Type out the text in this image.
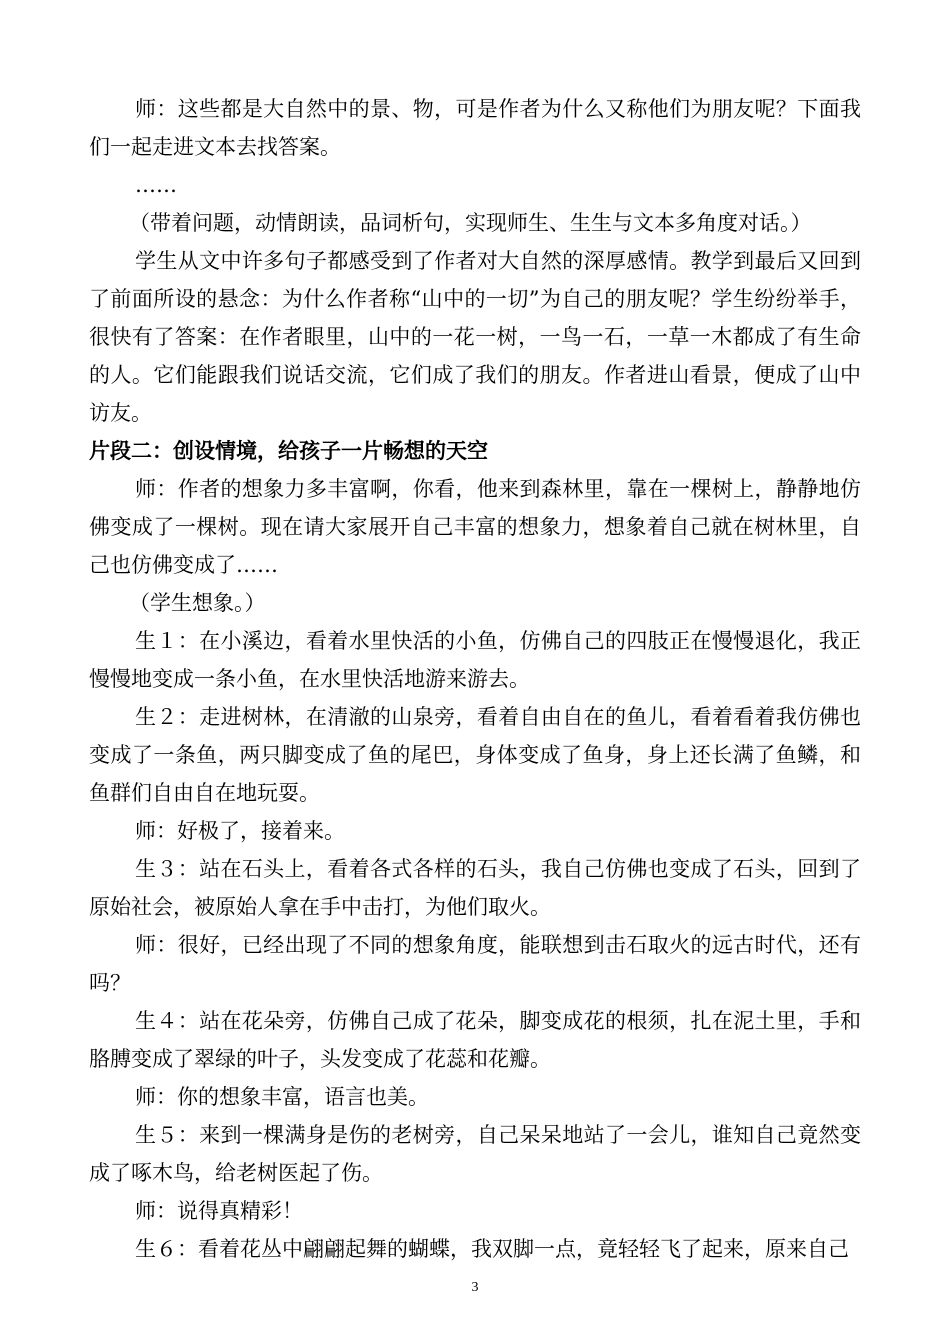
师：这些都是大自然中的景、物，可是作者为什么又称他们为朋友呢？下面我们一起走进文本去找答案。

……

（带着问题，动情朗读，品词析句，实现师生、生生与文本多角度对话。）

学生从文中许多句子都感受到了作者对大自然的深厚感情。教学到最后又回到了前面所设的悬念：为什么作者称“山中的一切”为自己的朋友呢？学生纷纷举手，很快有了答案：在作者眼里，山中的一花一树，一鸟一石，一草一木都成了有生命的人。它们能跟我们说话交流，它们成了我们的朋友。作者进山看景，便成了山中访友。

片段二：创设情境，给孩子一片畅想的天空

师：作者的想象力多丰富啊，你看，他来到森林里，靠在一棵树上，静静地仿佛变成了一棵树。现在请大家展开自己丰富的想象力，想象着自己就在树林里，自己也仿佛变成了……

（学生想象。）

生１：在小溪边，看着水里快活的小鱼，仿佛自己的四肢正在慢慢退化，我正慢慢地变成一条小鱼，在水里快活地游来游去。

生２：走进树林，在清澈的山泉旁，看着自由自在的鱼儿，看着看着我仿佛也变成了一条鱼，两只脚变成了鱼的尾巴，身体变成了鱼身，身上还长满了鱼鳞，和鱼群们自由自在地玩耍。

师：好极了，接着来。

生３：站在石头上，看着各式各样的石头，我自己仿佛也变成了石头，回到了原始社会，被原始人拿在手中击打，为他们取火。

师：很好，已经出现了不同的想象角度，能联想到击石取火的远古时代，还有吗？

生４：站在花朵旁，仿佛自己成了花朵，脚变成花的根须，扎在泥土里，手和胳膊变成了翠绿的叶子，头发变成了花蕊和花瓣。

师：你的想象丰富，语言也美。

生５：来到一棵满身是伤的老树旁，自己呆呆地站了一会儿，谁知自己竟然变成了啄木鸟，给老树医起了伤。

师：说得真精彩！

生６：看着花丛中翩翩起舞的蝴蝶，我双脚一点，竟轻轻飞了起来，原来自己

3
